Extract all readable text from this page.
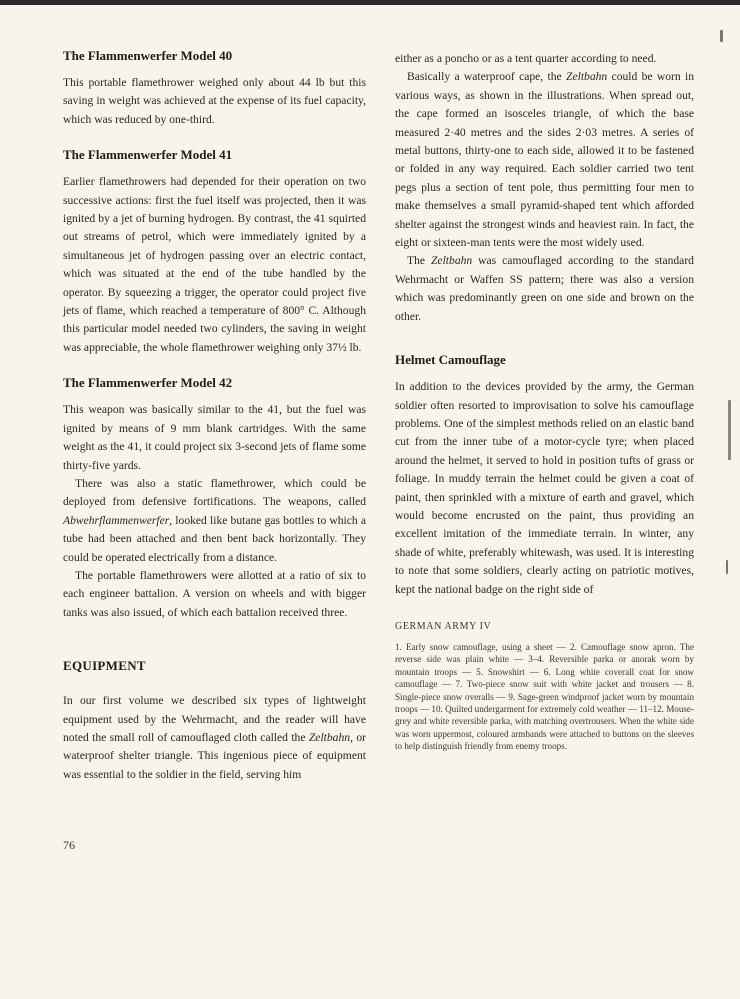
The Flammenwerfer Model 40

This portable flamethrower weighed only about 44 lb but this saving in weight was achieved at the expense of its fuel capacity, which was reduced by one-third.

The Flammenwerfer Model 41

Earlier flamethrowers had depended for their operation on two successive actions: first the fuel itself was projected, then it was ignited by a jet of burning hydrogen. By contrast, the 41 squirted out streams of petrol, which were immediately ignited by a simultaneous jet of hydrogen passing over an electric contact, which was situated at the end of the tube handled by the operator. By squeezing a trigger, the operator could project five jets of flame, which reached a temperature of 800° C. Although this particular model needed two cylinders, the saving in weight was appreciable, the whole flamethrower weighing only 37½ lb.

The Flammenwerfer Model 42

This weapon was basically similar to the 41, but the fuel was ignited by means of 9 mm blank cartridges. With the same weight as the 41, it could project six 3-second jets of flame some thirty-five yards.

There was also a static flamethrower, which could be deployed from defensive fortifications. The weapons, called Abwehrflammenwerfer, looked like butane gas bottles to which a tube had been attached and then bent back horizontally. They could be operated electrically from a distance.

The portable flamethrowers were allotted at a ratio of six to each engineer battalion. A version on wheels and with bigger tanks was also issued, of which each battalion received three.

EQUIPMENT

In our first volume we described six types of lightweight equipment used by the Wehrmacht, and the reader will have noted the small roll of camouflaged cloth called the Zeltbahn, or waterproof shelter triangle. This ingenious piece of equipment was essential to the soldier in the field, serving him

either as a poncho or as a tent quarter according to need.

Basically a waterproof cape, the Zeltbahn could be worn in various ways, as shown in the illustrations. When spread out, the cape formed an isosceles triangle, of which the base measured 2·40 metres and the sides 2·03 metres. A series of metal buttons, thirty-one to each side, allowed it to be fastened or folded in any way required. Each soldier carried two tent pegs plus a section of tent pole, thus permitting four men to make themselves a small pyramid-shaped tent which afforded shelter against the strongest winds and heaviest rain. In fact, the eight or sixteen-man tents were the most widely used.

The Zeltbahn was camouflaged according to the standard Wehrmacht or Waffen SS pattern; there was also a version which was predominantly green on one side and brown on the other.

Helmet Camouflage

In addition to the devices provided by the army, the German soldier often resorted to improvisation to solve his camouflage problems. One of the simplest methods relied on an elastic band cut from the inner tube of a motor-cycle tyre; when placed around the helmet, it served to hold in position tufts of grass or foliage. In muddy terrain the helmet could be given a coat of paint, then sprinkled with a mixture of earth and gravel, which would become encrusted on the paint, thus providing an excellent imitation of the immediate terrain. In winter, any shade of white, preferably whitewash, was used. It is interesting to note that some soldiers, clearly acting on patriotic motives, kept the national badge on the right side of

GERMAN ARMY IV

1. Early snow camouflage, using a sheet — 2. Camouflage snow apron. The reverse side was plain white — 3–4. Reversible parka or anorak worn by mountain troops — 5. Snowshirt — 6. Long white coverall coat for snow camouflage — 7. Two-piece snow suit with white jacket and trousers — 8. Single-piece snow overalls — 9. Sage-green windproof jacket worn by mountain troops — 10. Quilted undergarment for extremely cold weather — 11–12. Mouse-grey and white reversible parka, with matching overtrousers. When the white side was worn uppermost, coloured armbands were attached to buttons on the sleeves to help distinguish friendly from enemy troops.

76
